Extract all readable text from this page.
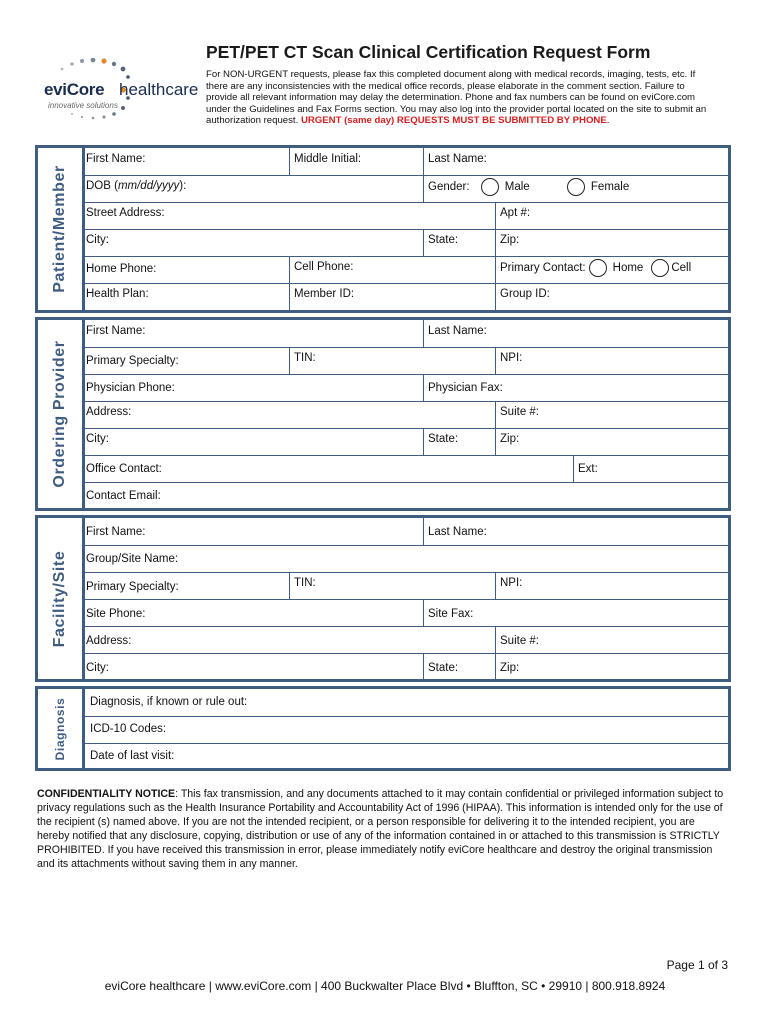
eviCore healthcare
innovative solutions
PET/PET CT Scan Clinical Certification Request Form
For NON-URGENT requests, please fax this completed document along with medical records, imaging, tests, etc. If there are any inconsistencies with the medical office records, please elaborate in the comment section. Failure to provide all relevant information may delay the determination. Phone and fax numbers can be found on eviCore.com under the Guidelines and Fax Forms section. You may also log into the provider portal located on the site to submit an authorization request. URGENT (same day) REQUESTS MUST BE SUBMITTED BY PHONE.
Patient/Member
First Name:	Middle Initial:	Last Name:
DOB (mm/dd/yyyy):	Gender:	Male	Female
Street Address:	Apt #:
City:	State:	Zip:
Home Phone:	Cell Phone:	Primary Contact: Home Cell
Health Plan:	Member ID:	Group ID:
Ordering Provider
First Name:	Last Name:
Primary Specialty:	TIN:	NPI:
Physician Phone:	Physician Fax:
Address:	Suite #:
City:	State:	Zip:
Office Contact:	Ext:
Contact Email:
Facility/Site
First Name:	Last Name:
Group/Site Name:
Primary Specialty:	TIN:	NPI:
Site Phone:	Site Fax:
Address:	Suite #:
City:	State:	Zip:
Diagnosis	Diagnosis, if known or rule out:
ICD-10 Codes:
Date of last visit:
CONFIDENTIALITY NOTICE: This fax transmission, and any documents attached to it may contain confidential or privileged information subject to privacy regulations such as the Health Insurance Portability and Accountability Act of 1996 (HIPAA). This information is intended only for the use of the recipient (s) named above. If you are not the intended recipient, or a person responsible for delivering it to the intended recipient, you are hereby notified that any disclosure, copying, distribution or use of any of the information contained in or attached to this transmission is STRICTLY PROHIBITED. If you have received this transmission in error, please immediately notify eviCore healthcare and destroy the original transmission and its attachments without saving them in any manner.
Page 1 of 3
eviCore healthcare | www.eviCore.com | 400 Buckwalter Place Blvd • Bluffton, SC • 29910 | 800.918.8924
